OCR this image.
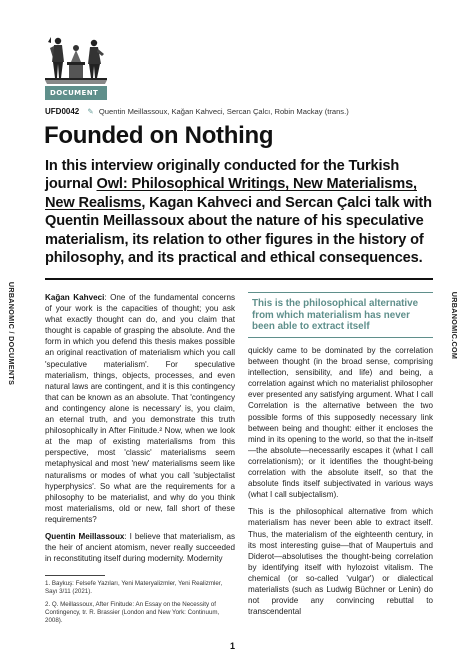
DOCUMENT
UFD0042 ✎ Quentin Meillassoux, Kağan Kahveci, Sercan Çalcı, Robin Mackay (trans.)
Founded on Nothing
In this interview originally conducted for the Turkish journal Owl: Philosophical Writings, New Materialisms, New Realisms, Kagan Kahveci and Sercan Çalci talk with Quentin Meillassoux about the nature of his speculative materialism, its relation to other figures in the history of philosophy, and its practical and ethical consequences.
URBANOMIC / DOCUMENTS	URBANOMIC.COM

Kağan Kahveci: One of the fundamental concerns of your work is the capacities of thought; you ask what exactly thought can do, and you claim that thought is capable of grasping the absolute. And the form in which you defend this thesis makes possible an original reactivation of materialism which you call 'speculative materialism'. For speculative materialism, things, objects, processes, and even natural laws are contingent, and it is this contingency that can be known as an absolute. That 'contingency and contingency alone is necessary' is, you claim, an eternal truth, and you demonstrate this truth philosophically in After Finitude.² Now, when we look at the map of existing materialisms from this perspective, most 'classic' materialisms seem metaphysical and most 'new' materialisms seem like naturalisms or modes of what you call 'subjectalist hyperphysics'. So what are the requirements for a philosophy to be materialist, and why do you think most materialisms, old or new, fall short of these requirements?

Quentin Meillassoux: I believe that materialism, as the heir of ancient atomism, never really succeeded in reconstituting itself during modernity. Modernity

This is the philosophical alternative from which materialism has never been able to extract itself

quickly came to be dominated by the correlation between thought (in the broad sense, comprising intellection, sensibility, and life) and being, a correlation against which no materialist philosopher ever presented any satisfying argument. What I call Correlation is the alternative between the two possible forms of this supposedly necessary link between being and thought: either it encloses the mind in its opening to the world, so that the in-itself—the absolute—necessarily escapes it (what I call correlationism); or it identifies the thought-being correlation with the absolute itself, so that the absolute finds itself subjectivated in various ways (what I call subjectalism).

This is the philosophical alternative from which materialism has never been able to extract itself. Thus, the materialism of the eighteenth century, in its most interesting guise—that of Maupertuis and Diderot—absolutises the thought-being correlation by identifying itself with hylozoist vitalism. The chemical (or so-called 'vulgar') or dialectical materialists (such as Ludwig Büchner or Lenin) do not provide any convincing rebuttal to transcendental

1. Baykuş: Felsefe Yazıları, Yeni Materyalizmler, Yeni Realizmler, Sayı 3/11 (2021).

2. Q. Meillassoux, After Finitude: An Essay on the Necessity of Contingency, tr. R. Brassier (London and New York: Continuum, 2008).

1
